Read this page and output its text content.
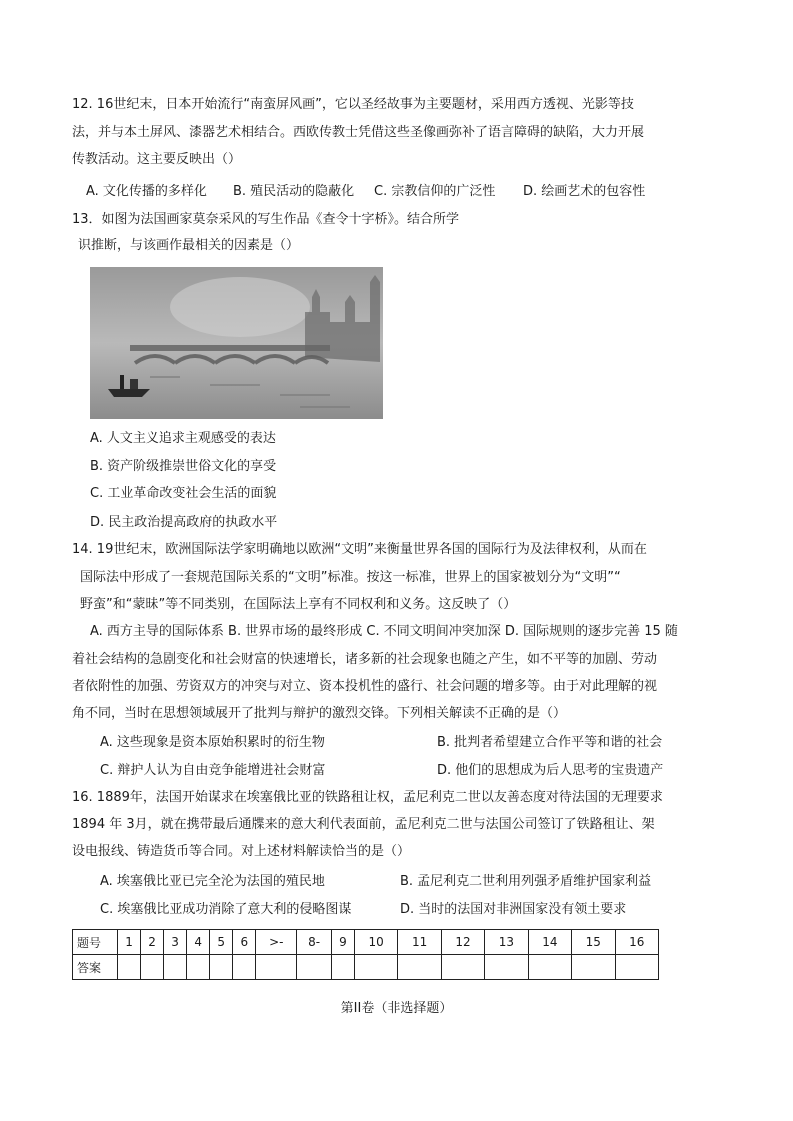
12. 16世纪末，日本开始流行“南蛮屏风画”，它以圣经故事为主要题材，采用西方透视、光影等技
法，并与本土屏风、漆器艺术相结合。西欧传教士凭借这些圣像画弥补了语言障碍的缺陷，大力开展
传教活动。这主要反映出（）
A. 文化传播的多样化 B. 殖民活动的隐蔽化 C. 宗教信仰的广泛性 D. 绘画艺术的包容性
13．如图为法国画家莫奈采风的写生作品《查令十字桥》。结合所学
识推断，与该画作最相关的因素是（）
A. 人文主义追求主观感受的表达
B. 资产阶级推崇世俗文化的享受
C. 工业革命改变社会生活的面貌
D. 民主政治提高政府的执政水平
14. 19世纪末，欧洲国际法学家明确地以欧洲“文明”来衡量世界各国的国际行为及法律权利，从而在
国际法中形成了一套规范国际关系的“文明”标准。按这一标准，世界上的国家被划分为“文明”“
野蛮”和“蒙昧”等不同类别，在国际法上享有不同权利和义务。这反映了（）
A. 西方主导的国际体系 B. 世界市场的最终形成 C. 不同文明间冲突加深 D. 国际规则的逐步完善 15 随
着社会结构的急剧变化和社会财富的快速增长，诸多新的社会现象也随之产生，如不平等的加剧、劳动
者依附性的加强、劳资双方的冲突与对立、资本投机性的盛行、社会问题的增多等。由于对此理解的视
角不同，当时在思想领域展开了批判与辩护的激烈交锋。下列相关解读不正确的是（）
A. 这些现象是资本原始积累时的衍生物	B. 批判者希望建立合作平等和谐的社会
C. 辩护人认为自由竞争能增进社会财富	D. 他们的思想成为后人思考的宝贵遗产
16. 1889年，法国开始谋求在埃塞俄比亚的铁路租让权，孟尼利克二世以友善态度对待法国的无理要求
1894 年 3月，就在携带最后通牒来的意大利代表面前，孟尼利克二世与法国公司签订了铁路租让、架
设电报线、铸造货币等合同。对上述材料解读恰当的是（）
A. 埃塞俄比亚已完全沦为法国的殖民地	B. 孟尼利克二世利用列强矛盾维护国家利益
C. 埃塞俄比亚成功消除了意大利的侵略图谋	D. 当时的法国对非洲国家没有领土要求
题号	1	2	3	4	5	6	>-	8-	9	10	11	12	13	14	15	16
答案																
第II卷（非选择题）
